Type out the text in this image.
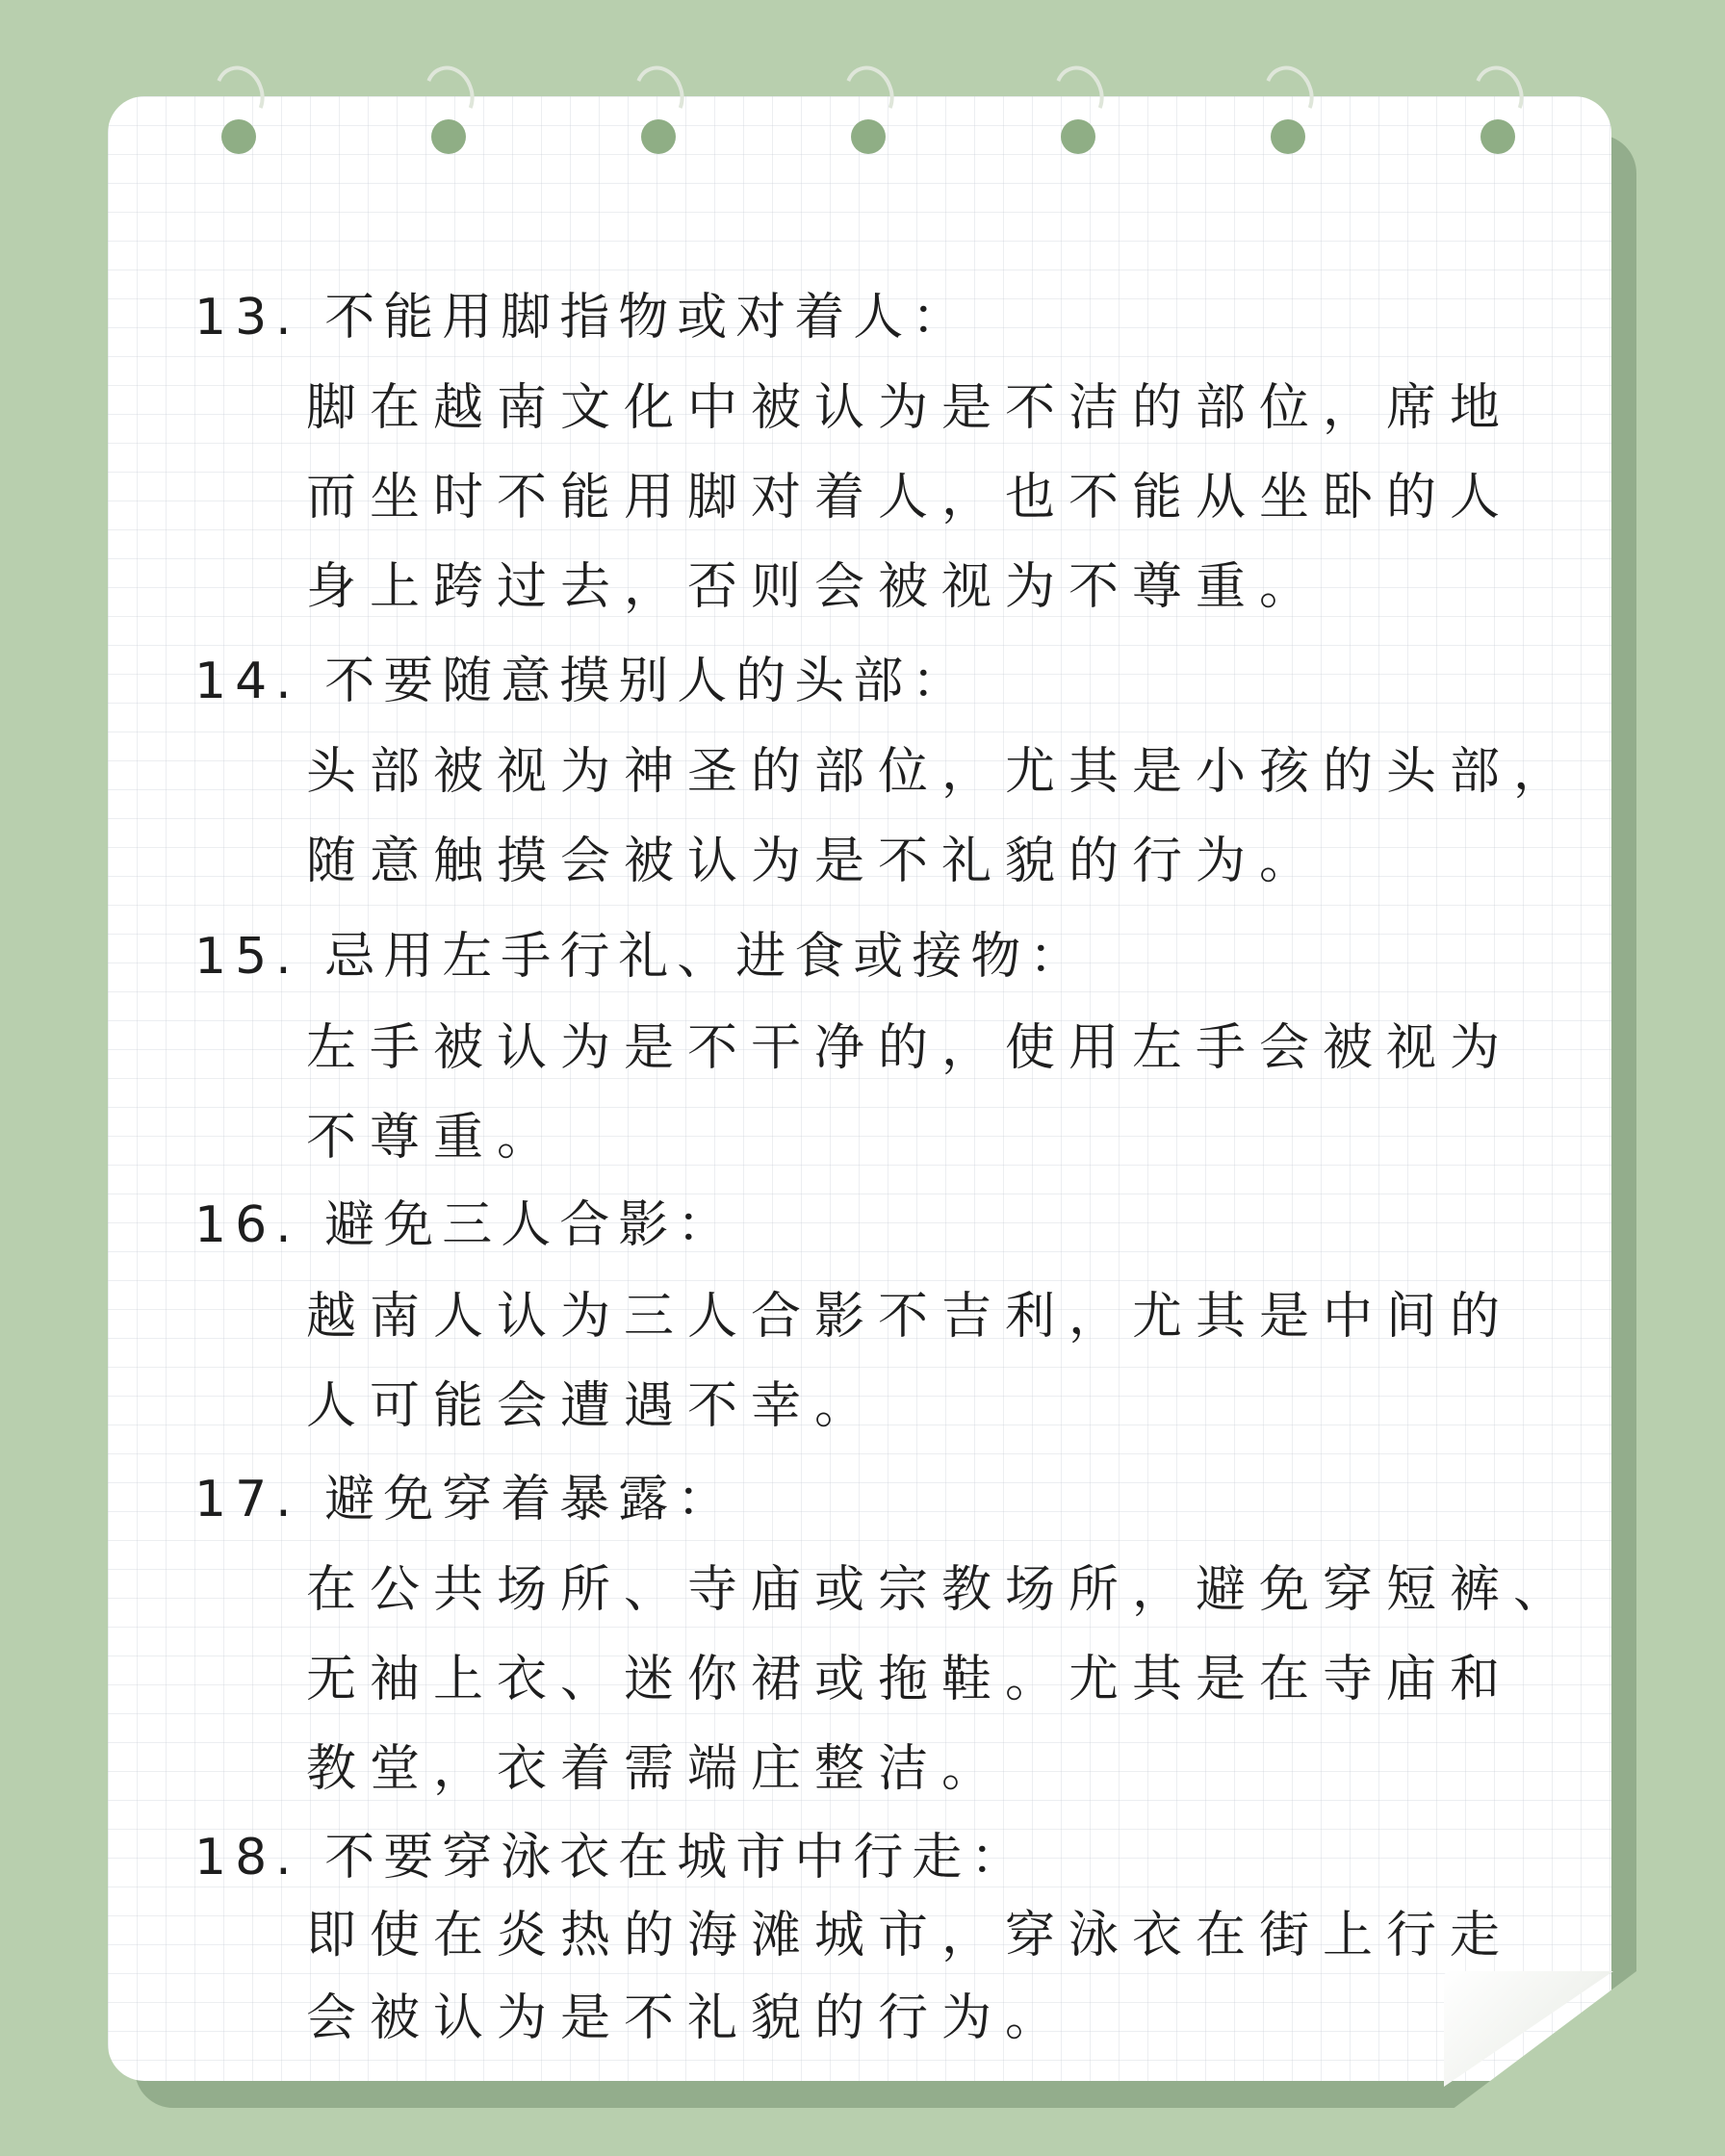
13. 不能用脚指物或对着人：
脚在越南文化中被认为是不洁的部位，席地
而坐时不能用脚对着人，也不能从坐卧的人
身上跨过去，否则会被视为不尊重。
14. 不要随意摸别人的头部：
头部被视为神圣的部位，尤其是小孩的头部，
随意触摸会被认为是不礼貌的行为。
15. 忌用左手行礼、进食或接物：
左手被认为是不干净的，使用左手会被视为
不尊重。
16. 避免三人合影：
越南人认为三人合影不吉利，尤其是中间的
人可能会遭遇不幸。
17. 避免穿着暴露：
在公共场所、寺庙或宗教场所，避免穿短裤、
无袖上衣、迷你裙或拖鞋。尤其是在寺庙和
教堂，衣着需端庄整洁。
18. 不要穿泳衣在城市中行走：
即使在炎热的海滩城市，穿泳衣在街上行走
会被认为是不礼貌的行为。
